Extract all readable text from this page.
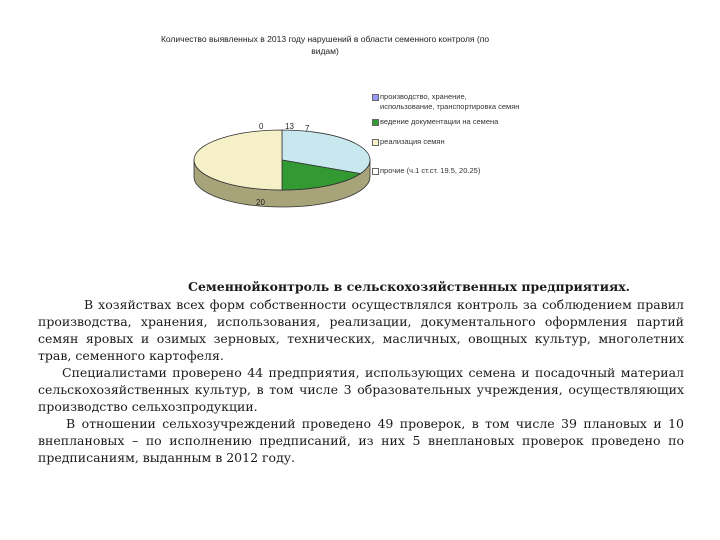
Количество выявленных в 2013 году нарушений в области семенного контроля (по видам)
0	13 7
20
производство, хранение, использование, транспортировка семян
ведение документации на семена
реализация семян
прочие (ч.1 ст.ст. 19.5, 20.25)

Семеннойконтроль в сельскохозяйственных предприятиях.

В хозяйствах всех форм собственности осуществлялся контроль за соблюдением правил производства, хранения, использования, реализации, документального оформления партий семян яровых и озимых зерновых, технических, масличных, овощных культур, многолетних трав, семенного картофеля.

Специалистами проверено 44 предприятия, использующих семена и посадочный материал сельскохозяйственных культур, в том числе 3 образовательных учреждения, осуществляющих производство сельхозпродукции.

В отношении сельхозучреждений проведено 49 проверок, в том числе 39 плановых и 10 внеплановых – по исполнению предписаний, из них 5 внеплановых проверок проведено по предписаниям, выданным в 2012 году.
